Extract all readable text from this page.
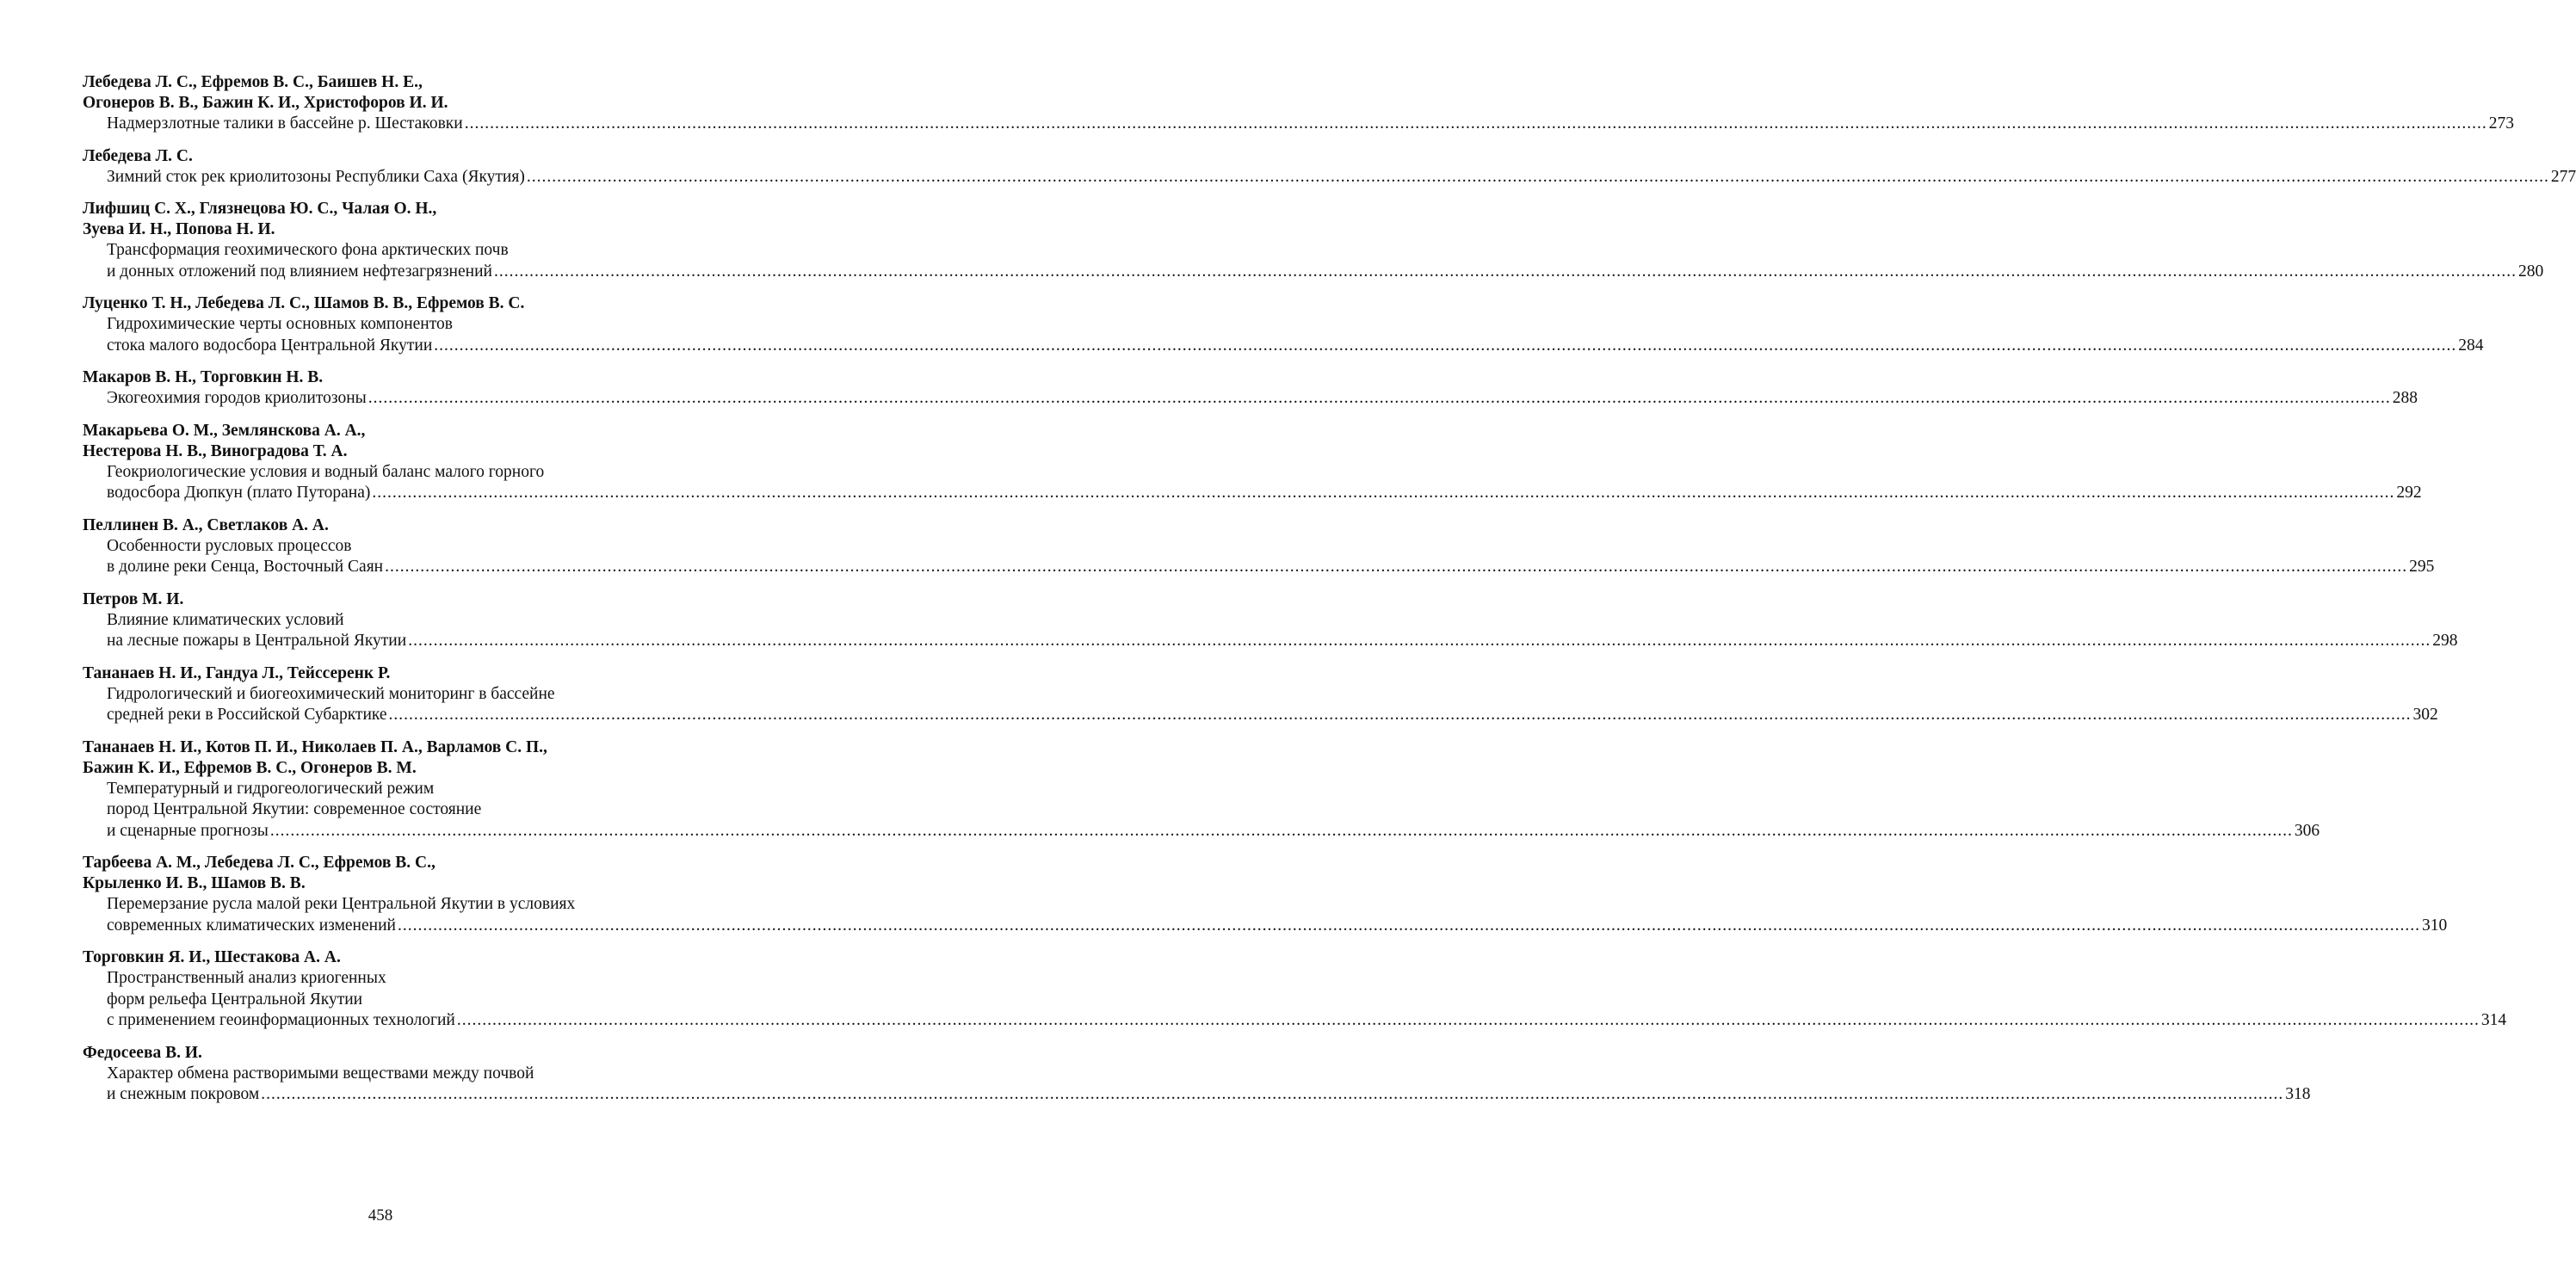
Лебедева Л. С., Ефремов В. С., Баишев Н. Е.,
Огонеров В. В., Бажин К. И., Христофоров И. И.
Надмерзлотные талики в бассейне р. Шестаковки ................................................................................................................................................................................................................................................................................................................................................................................................................ 273
Лебедева Л. С.
Зимний сток рек криолитозоны Республики Саха (Якутия) ................................................................................................................................................................................................................................................................................................................................................................................................................ 277
Лифшиц С. Х., Глязнецова Ю. С., Чалая О. Н.,
Зуева И. Н., Попова Н. И.
Трансформация геохимического фона арктических почв
и донных отложений под влиянием нефтезагрязнений ................................................................................................................................................................................................................................................................................................................................................................................................................ 280
Луценко Т. Н., Лебедева Л. С., Шамов В. В., Ефремов В. С.
Гидрохимические черты основных компонентов
стока малого водосбора Центральной Якутии ................................................................................................................................................................................................................................................................................................................................................................................................................ 284
Макаров В. Н., Торговкин Н. В.
Экогеохимия городов криолитозоны ................................................................................................................................................................................................................................................................................................................................................................................................................ 288
Макарьева О. М., Землянскова А. А.,
Нестерова Н. В., Виноградова Т. А.
Геокриологические условия и водный баланс малого горного
водосбора Дюпкун (плато Путорана) ................................................................................................................................................................................................................................................................................................................................................................................................................ 292
Пеллинен В. А., Светлаков А. А.
Особенности русловых процессов
в долине реки Сенца, Восточный Саян ................................................................................................................................................................................................................................................................................................................................................................................................................ 295
Петров М. И.
Влияние климатических условий
на лесные пожары в Центральной Якутии ................................................................................................................................................................................................................................................................................................................................................................................................................ 298
Тананаев Н. И., Гандуа Л., Тейссеренк Р.
Гидрологический и биогеохимический мониторинг в бассейне
средней реки в Российской Субарктике ................................................................................................................................................................................................................................................................................................................................................................................................................ 302
Тананаев Н. И., Котов П. И., Николаев П. А., Варламов С. П.,
Бажин К. И., Ефремов В. С., Огонеров В. М.
Температурный и гидрогеологический режим
пород Центральной Якутии: современное состояние
и сценарные прогнозы ................................................................................................................................................................................................................................................................................................................................................................................................................ 306
Тарбеева А. М., Лебедева Л. С., Ефремов В. С.,
Крыленко И. В., Шамов В. В.
Перемерзание русла малой реки Центральной Якутии в условиях
современных климатических изменений ................................................................................................................................................................................................................................................................................................................................................................................................................ 310
Торговкин Я. И., Шестакова А. А.
Пространственный анализ криогенных
форм рельефа Центральной Якутии
с применением геоинформационных технологий ................................................................................................................................................................................................................................................................................................................................................................................................................ 314
Федосеева В. И.
Характер обмена растворимыми веществами между почвой
и снежным покровом ................................................................................................................................................................................................................................................................................................................................................................................................................ 318
458
